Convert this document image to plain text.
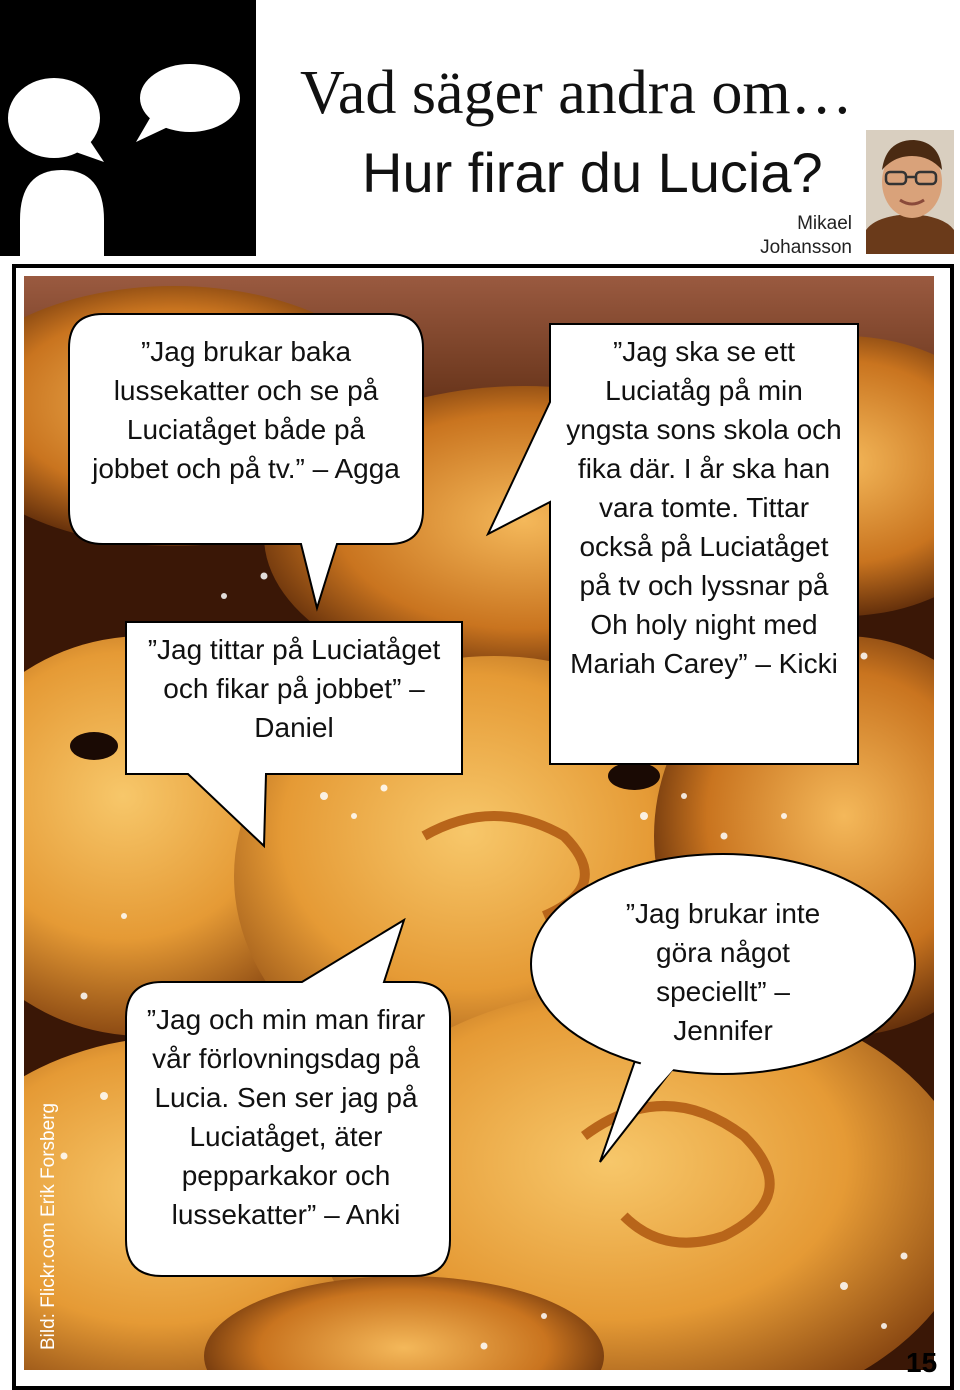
Vad säger andra om…
Hur firar du Lucia?
Mikael
Johansson
”Jag brukar baka lussekatter och se på Luciatåget både på jobbet och på tv.” – Agga
”Jag tittar på Luciatåget och fikar på jobbet” – Daniel
”Jag ska se ett Luciatåg på min yngsta sons skola och fika där. I år ska han vara tomte. Tittar också på Luciatåget på tv och lyssnar på Oh holy night med Mariah Carey” – Kicki
”Jag och min man firar vår förlovningsdag på Lucia. Sen ser jag på Luciatåget, äter pepparkakor och lussekatter” – Anki
”Jag brukar inte göra något speciellt” – Jennifer
Bild: Flickr.com Erik Forsberg
15
